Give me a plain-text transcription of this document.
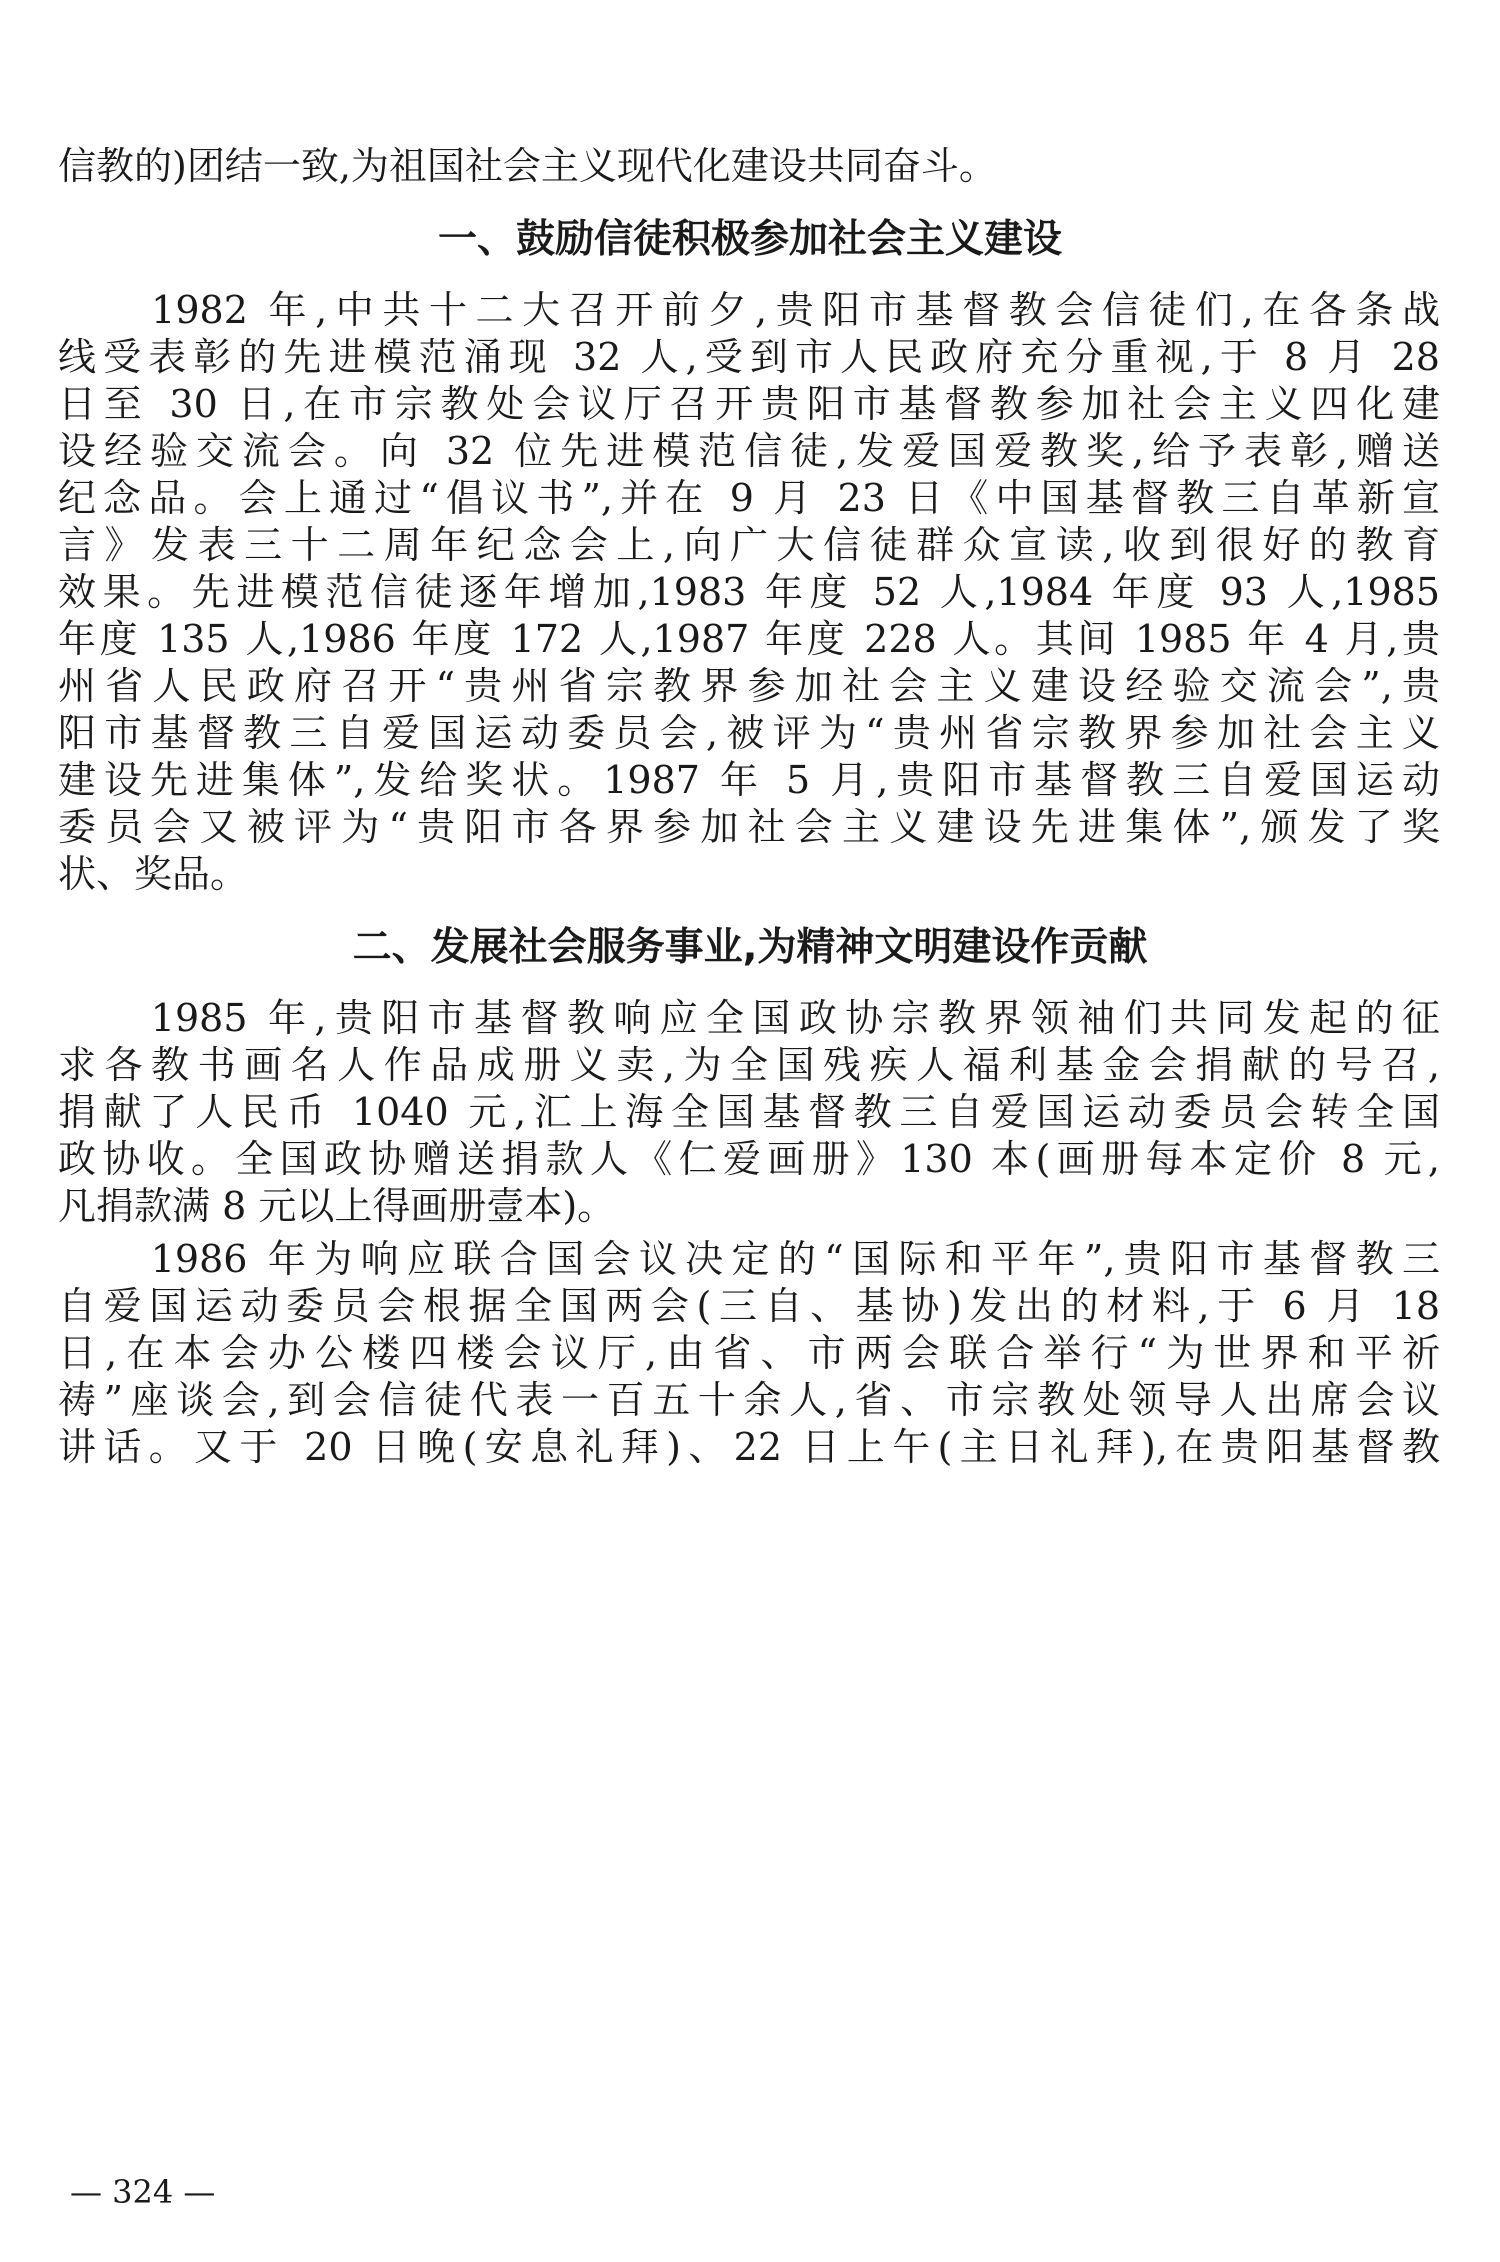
信教的)团结一致,为祖国社会主义现代化建设共同奋斗。
一、鼓励信徒积极参加社会主义建设
　　1982 年,中共十二大召开前夕,贵阳市基督教会信徒们,在各条战
线受表彰的先进模范涌现 32 人,受到市人民政府充分重视,于 8 月 28
日至 30 日,在市宗教处会议厅召开贵阳市基督教参加社会主义四化建
设经验交流会。向 32 位先进模范信徒,发爱国爱教奖,给予表彰,赠送
纪念品。会上通过“倡议书”,并在 9 月 23 日《中国基督教三自革新宣
言》发表三十二周年纪念会上,向广大信徒群众宣读,收到很好的教育
效果。先进模范信徒逐年增加,1983 年度 52 人,1984 年度 93 人,1985
年度 135 人,1986 年度 172 人,1987 年度 228 人。其间 1985 年 4 月,贵
州省人民政府召开“贵州省宗教界参加社会主义建设经验交流会”,贵
阳市基督教三自爱国运动委员会,被评为“贵州省宗教界参加社会主义
建设先进集体”,发给奖状。1987 年 5 月,贵阳市基督教三自爱国运动
委员会又被评为“贵阳市各界参加社会主义建设先进集体”,颁发了奖
状、奖品。
二、发展社会服务事业,为精神文明建设作贡献
　　1985 年,贵阳市基督教响应全国政协宗教界领袖们共同发起的征
求各教书画名人作品成册义卖,为全国残疾人福利基金会捐献的号召,
捐献了人民币 1040 元,汇上海全国基督教三自爱国运动委员会转全国
政协收。全国政协赠送捐款人《仁爱画册》130 本(画册每本定价 8 元,
凡捐款满 8 元以上得画册壹本)。
　　1986 年为响应联合国会议决定的“国际和平年”,贵阳市基督教三
自爱国运动委员会根据全国两会(三自、基协)发出的材料,于 6 月 18
日,在本会办公楼四楼会议厅,由省、市两会联合举行“为世界和平祈
祷”座谈会,到会信徒代表一百五十余人,省、市宗教处领导人出席会议
讲话。又于 20 日晚(安息礼拜)、22 日上午(主日礼拜),在贵阳基督教
— 324 —
